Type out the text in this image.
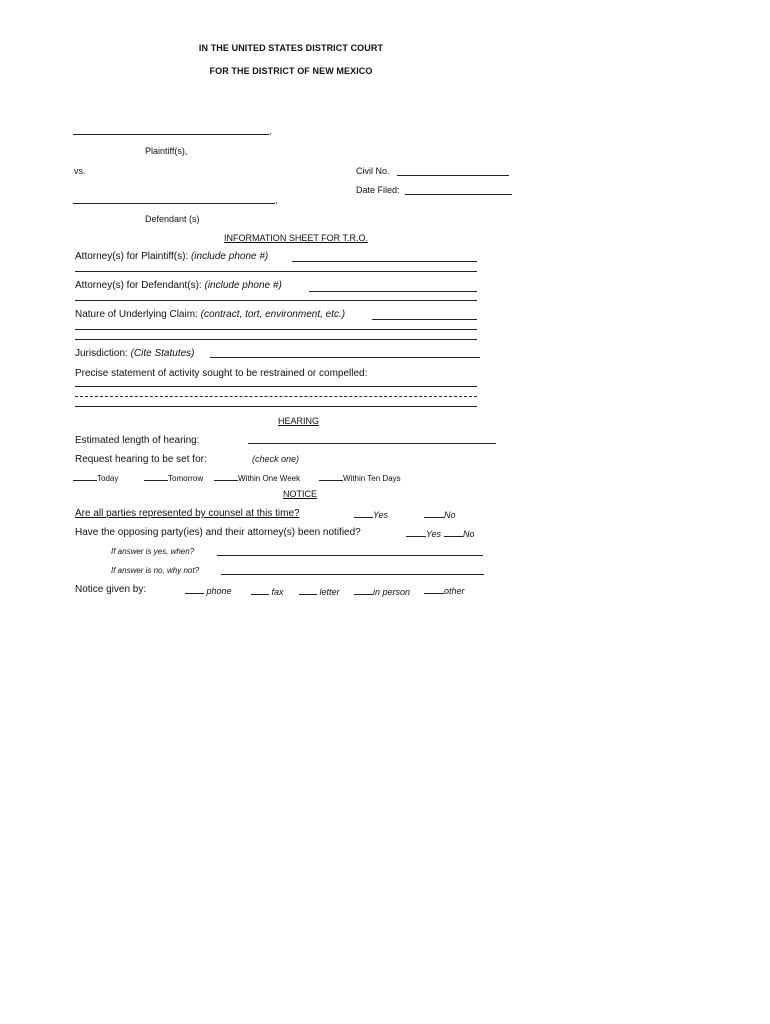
IN THE UNITED STATES DISTRICT COURT
FOR THE DISTRICT OF NEW MEXICO
,
Plaintiff(s),
vs.	Civil No.
Date Filed:
,
Defendant (s)
INFORMATION SHEET FOR T.R.O.
Attorney(s) for Plaintiff(s): (include phone #)
Attorney(s) for Defendant(s): (include phone #)
Nature of Underlying Claim: (contract, tort, environment, etc.)
Jurisdiction: (Cite Statutes)
Precise statement of activity sought to be restrained or compelled:
HEARING
Estimated length of hearing:
Request hearing to be set for:	(check one)
Today	Tomorrow	Within One Week	Within Ten Days
NOTICE
Are all parties represented by counsel at this time?	Yes	No
Have the opposing party(ies) and their attorney(s) been notified?	Yes	No
If answer is yes, when?
If answer is no, why not?
Notice given by:	phone	fax	letter	in person	other
